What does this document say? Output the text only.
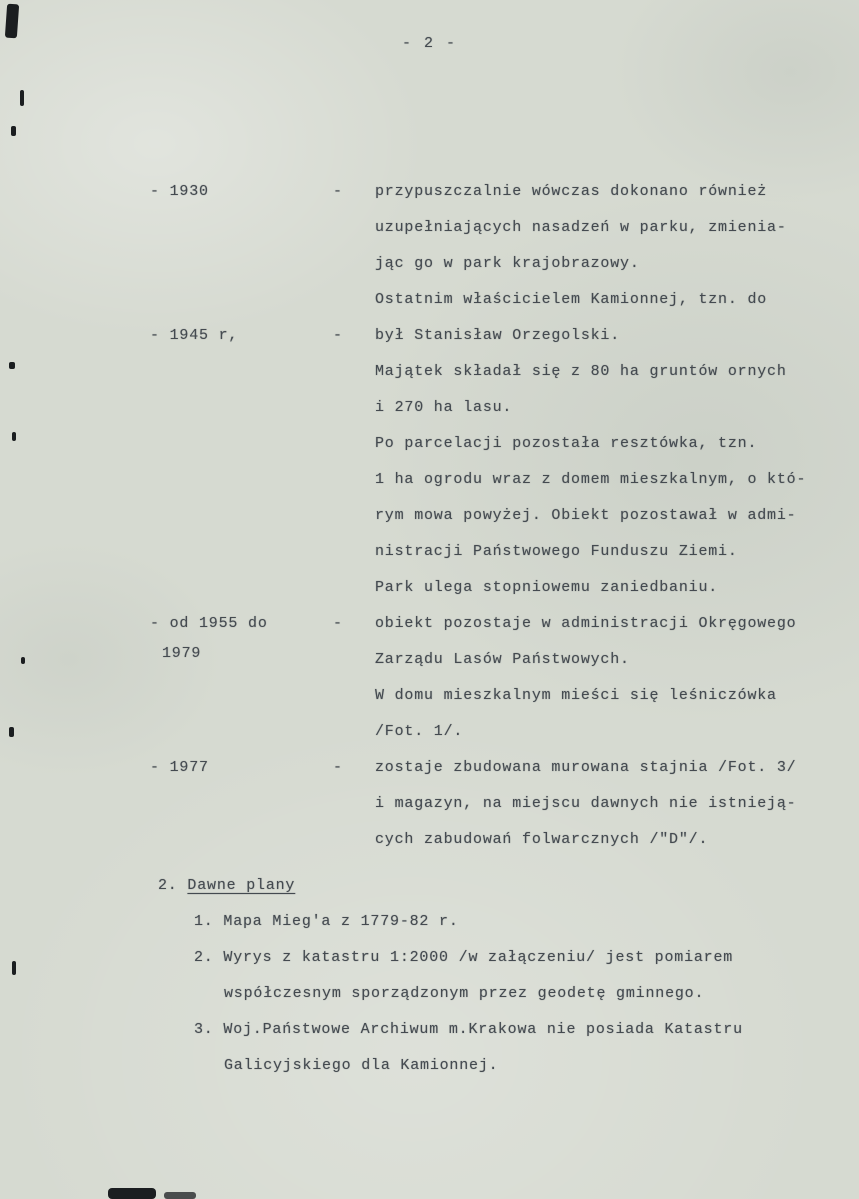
- 2 -
- 1930	-	przypuszczalnie wówczas dokonano również
uzupełniających nasadzeń w parku, zmienia-
jąc go w park krajobrazowy.
Ostatnim właścicielem Kamionnej, tzn. do
- 1945 r,	-	był Stanisław Orzegolski.
Majątek składał się z 80 ha gruntów ornych
i 270 ha lasu.
Po parcelacji pozostała resztówka, tzn.
1 ha ogrodu wraz z domem mieszkalnym, o któ-
rym mowa powyżej. Obiekt pozostawał w admi-
nistracji Państwowego Funduszu Ziemi.
Park ulega stopniowemu zaniedbaniu.
- od 1955 do
1979
-	obiekt pozostaje w administracji Okręgowego
Zarządu Lasów Państwowych.
W domu mieszkalnym mieści się leśniczówka
/Fot. 1/.
- 1977	-	zostaje zbudowana murowana stajnia /Fot. 3/
i magazyn, na miejscu dawnych nie istnieją-
cych zabudowań folwarcznych /"D"/.
2. Dawne plany
1. Mapa Mieg'a z 1779-82 r.
2. Wyrys z katastru 1:2000 /w załączeniu/ jest pomiarem
współczesnym sporządzonym przez geodetę gminnego.
3. Woj.Państwowe Archiwum m.Krakowa nie posiada Katastru
Galicyjskiego dla Kamionnej.
